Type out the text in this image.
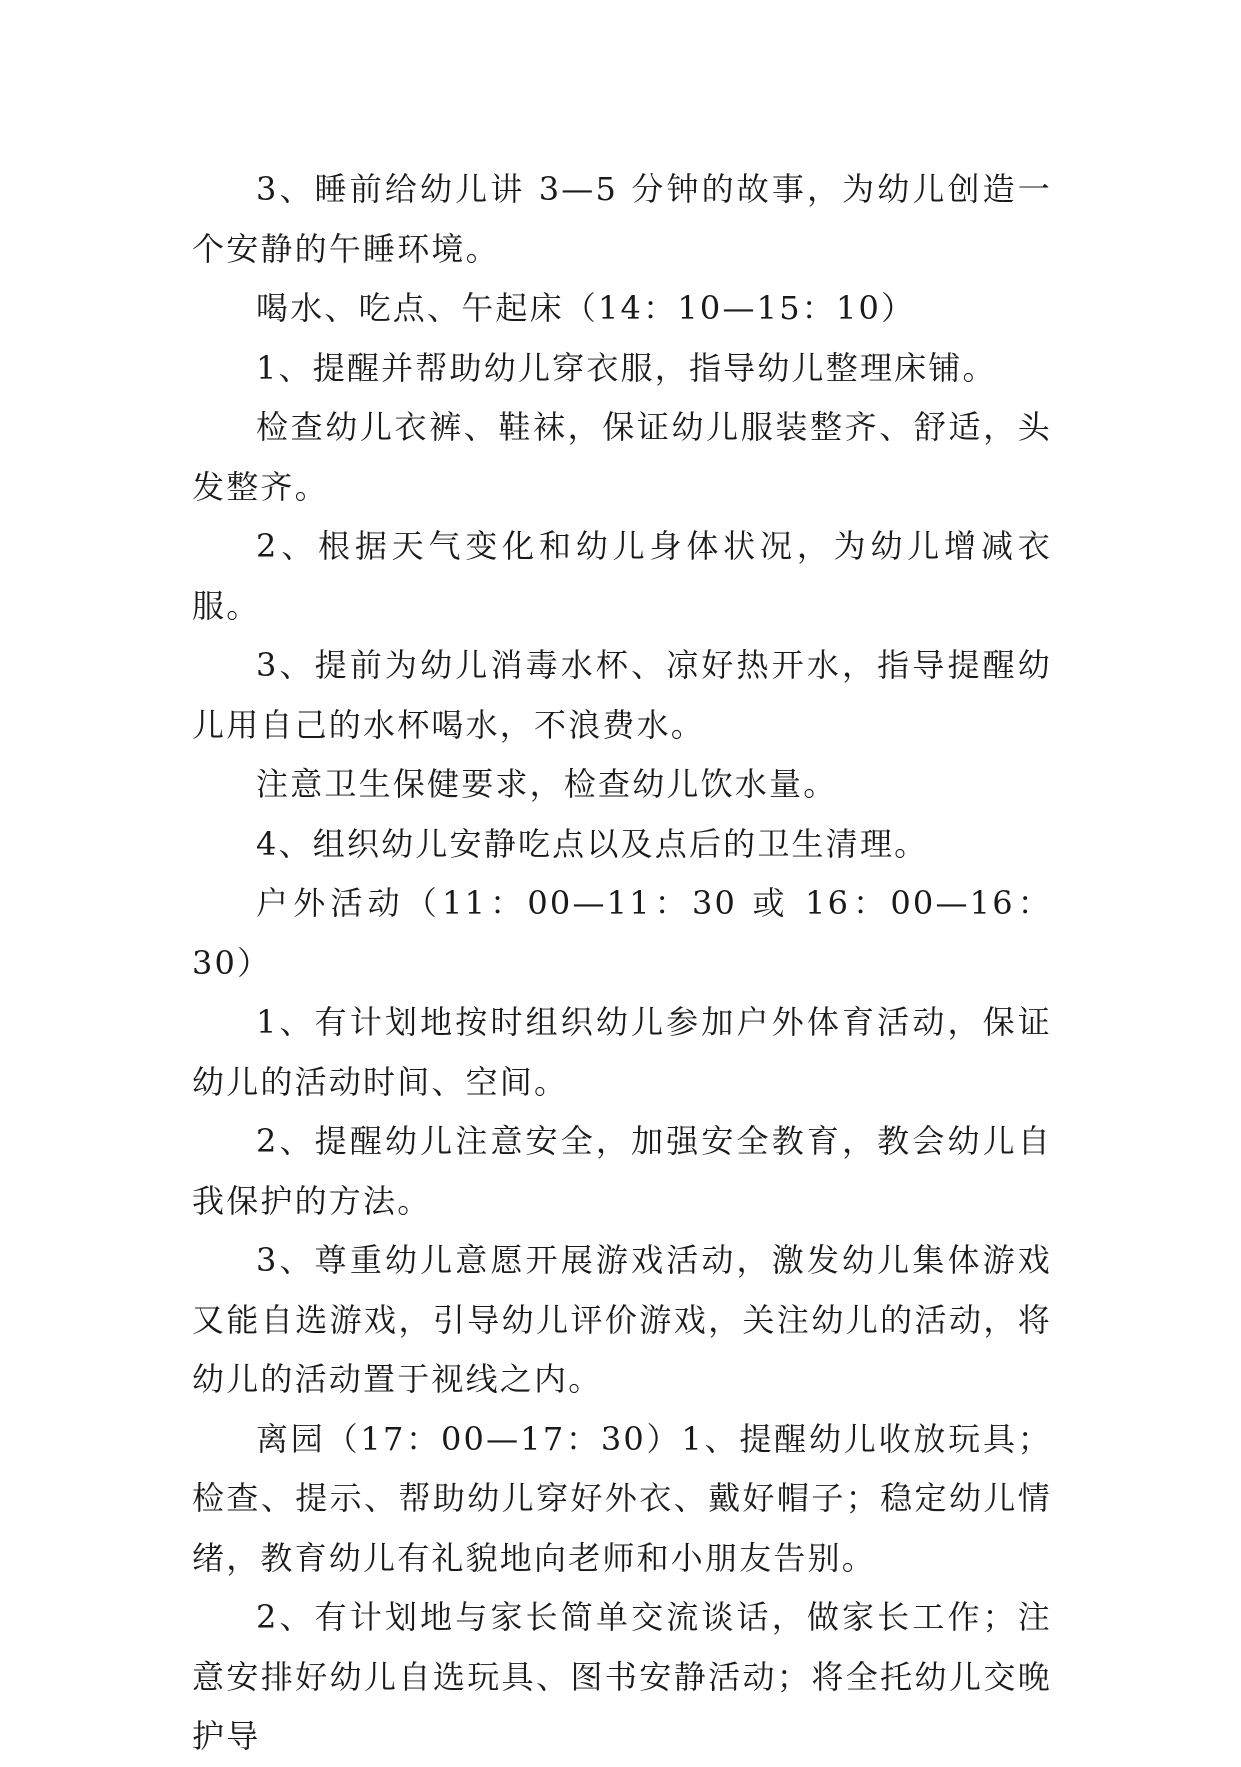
3、睡前给幼儿讲 3—5 分钟的故事，为幼儿创造一个安静的午睡环境。

喝水、吃点、午起床（14：10—15：10）

1、提醒并帮助幼儿穿衣服，指导幼儿整理床铺。

检查幼儿衣裤、鞋袜，保证幼儿服装整齐、舒适，头发整齐。

2、根据天气变化和幼儿身体状况，为幼儿增减衣服。

3、提前为幼儿消毒水杯、凉好热开水，指导提醒幼儿用自己的水杯喝水，不浪费水。

注意卫生保健要求，检查幼儿饮水量。

4、组织幼儿安静吃点以及点后的卫生清理。

户外活动（11：00—11：30 或 16：00—16：30）

1、有计划地按时组织幼儿参加户外体育活动，保证幼儿的活动时间、空间。

2、提醒幼儿注意安全，加强安全教育，教会幼儿自我保护的方法。

3、尊重幼儿意愿开展游戏活动，激发幼儿集体游戏又能自选游戏，引导幼儿评价游戏，关注幼儿的活动，将幼儿的活动置于视线之内。

离园（17：00—17：30）1、提醒幼儿收放玩具；检查、提示、帮助幼儿穿好外衣、戴好帽子；稳定幼儿情绪，教育幼儿有礼貌地向老师和小朋友告别。

2、有计划地与家长简单交流谈话，做家长工作；注意安排好幼儿自选玩具、图书安静活动；将全托幼儿交晚护导
